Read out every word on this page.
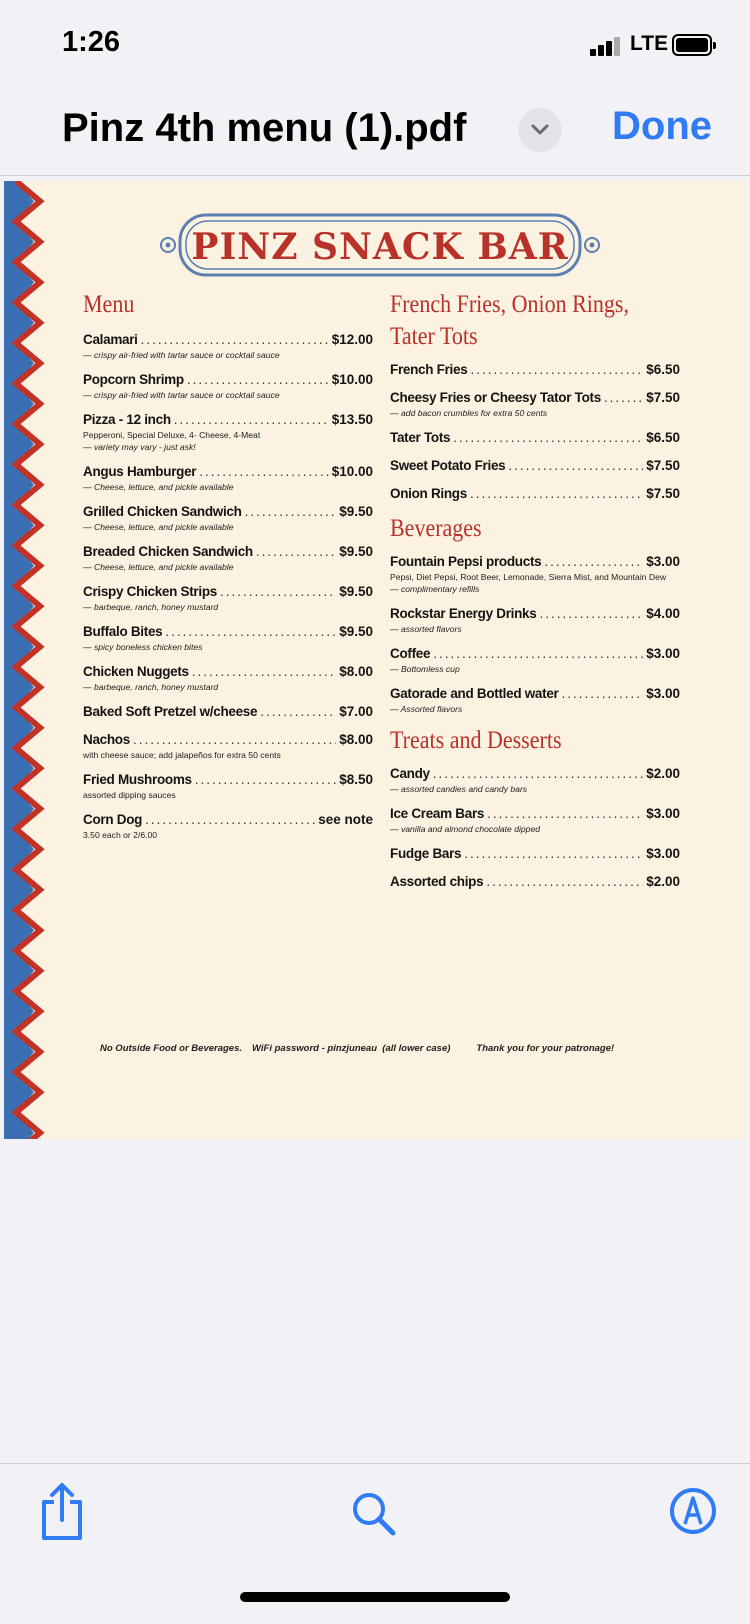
1:26	LTE
Pinz 4th menu (1).pdf	Done
PINZ SNACK BAR
Menu
Calamari .....	$12.00
— crispy air-fried with tartar sauce or cocktail sauce
Popcorn Shrimp .....	$10.00
— crispy air-fried with tartar sauce or cocktail sauce
Pizza - 12 inch .....	$13.50
Pepperoni, Special Deluxe, 4- Cheese, 4-Meat
— variety may vary - just ask!
Angus Hamburger .....	$10.00
— Cheese, lettuce, and pickle available
Grilled Chicken Sandwich .....	$9.50
— Cheese, lettuce, and pickle available
Breaded Chicken Sandwich .....	$9.50
— Cheese, lettuce, and pickle available
Crispy Chicken Strips .....	$9.50
— barbeque, ranch, honey mustard
Buffalo Bites .....	$9.50
— spicy boneless chicken bites
Chicken Nuggets .....	$8.00
— barbeque, ranch, honey mustard
Baked Soft Pretzel w/cheese .....	$7.00
Nachos .....	$8.00
with cheese sauce; add jalapeños for extra 50 cents
Fried Mushrooms .....	$8.50
assorted dipping sauces
Corn Dog .....	see note
3.50 each or 2/6.00
French Fries, Onion Rings,
Tater Tots
French Fries .....	$6.50
Cheesy Fries or Cheesy Tator Tots .....	$7.50
— add bacon crumbles for extra 50 cents
Tater Tots .....	$6.50
Sweet Potato Fries .....	$7.50
Onion Rings .....	$7.50
Beverages
Fountain Pepsi products .....	$3.00
Pepsi, Diet Pepsi, Root Beer, Lemonade, Sierra Mist, and Mountain Dew
— complimentary refills
Rockstar Energy Drinks .....	$4.00
— assorted flavors
Coffee .....	$3.00
— Bottomless cup
Gatorade and Bottled water .....	$3.00
— Assorted flavors
Treats and Desserts
Candy .....	$2.00
— assorted candies and candy bars
Ice Cream Bars .....	$3.00
— vanilla and almond chocolate dipped
Fudge Bars .....	$3.00
Assorted chips .....	$2.00
No Outside Food or Beverages. WiFi password - pinzjuneau  (all lower case)	Thank you for your patronage!
